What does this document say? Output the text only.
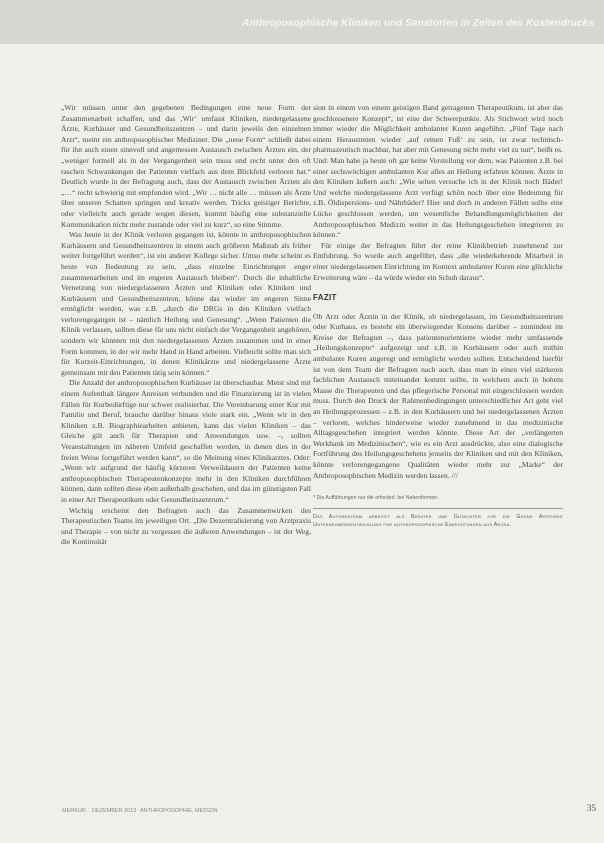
Anthroposophische Kliniken und Sanatorien in Zeiten des Kostendrucks

„Wir müssen unter den gegebenen Bedingungen eine neue Form der Zusammenarbeit schaffen, und das ‚Wir‘ umfasst Kliniken, niedergelassene Ärzte, Kurhäuser und Gesundheitszentren – und darin jeweils den einzelnen Arzt“, meint ein anthroposophischer Mediziner. Die „neue Form“ schließt dabei für ihn auch einen sinnvoll und angemessen Austausch zwischen Ärzten ein, der „weniger formell als in der Vergangenheit sein muss und recht unter den oft raschen Schwankungen der Patienten vielfach aus dem Blickfeld verloren hat.“ Deutlich wurde in der Befragung auch, dass der Austausch zwischen Ärzten als „…“ recht schwierig mit empfunden wird. „Wir … nicht alle … müssen als Ärzte über unseren Schatten springen und kreativ werden. Tricks geistiger Berichte, oder vielleicht auch gerade wegen diesen, kommt häufig eine substanzielle Kommunikation nicht mehr zustande oder viel zu kurz“, so eine Stimme.

Was heute in der Klinik verloren gegangen ist, könnte in anthroposophischen Kurhäusern und Gesundheitszentren in einem auch größeren Maßstab als früher weiter fortgeführt werden“, ist ein anderer Kollege sicher. Umso mehr scheint es heute von Bedeutung zu sein, „dass einzelne Einrichtungen enger zusammenarbeiten und im engeren Austausch bleiben“. Durch die inhaltliche Vernetzung von niedergelassenen Ärzten und Kliniken oder Kliniken und Kurhäusern und Gesundheitszentren, könne das wieder im engeren Sinne ermöglicht werden, was z.B. „durch die DRGs in den Kliniken vielfach verlorengegangen ist – nämlich Heilung und Genesung“. „Wenn Patienten die Klinik verlassen, sollten diese für uns nicht einfach der Vergangenheit angehören, sondern wir könnten mit den niedergelassenen Ärzten zusammen und in einer Form kommen, in der wir mehr Hand in Hand arbeiten. Vielleicht sollte man sich für Kurzeit-Einrichtungen, in denen Klinikärzte und niedergelassene Ärzte gemeinsam mit den Patienten tätig sein können.“

Die Anzahl der anthroposophischen Kurhäuser ist überschaubar. Meist sind mit einem Aufenthalt längere Anreisen verbunden und die Finanzierung ist in vielen Fällen für Kurbedürftige nur schwer realisierbar. Die Vereinbarung einer Kur mit Familie und Beruf, brauche darüber hinaus viele stark ein. „Wenn wir in den Kliniken z.B. Biographiearbeiten anbieten, kann das vielen Kliniken – das Gleiche gilt auch für Therapien und Anwendungen usw. –, sollten Veranstaltungen im näheren Umfeld geschaffen werden, in denen dies in der freien Weise fortgeführt werden kann“, so die Meinung eines Klinikarztes. Oder: „Wenn wir aufgrund der häufig kürzeren Verweildauern der Patienten keine anthroposophischen Therapeutenkonzepte mehr in den Kliniken durchführen können, dann sollten diese eben außerhalb geschehen, und das im günstigsten Fall in einer Art Therapeutikum oder Gesundheitszentrum.“

Wichtig erscheint den Befragten auch das Zusammenwirken des Therapeutischen Teams im jeweiligen Ort. „Die Dezentralisierung von Arztpraxis und Therapie – von nicht zu vergessen die äußeren Anwendungen – ist der Weg, die Kontinuität

sion in einem von einem geistigen Band getragenen Therapeutikum, ist aber das geschlossenere Konzept“, ist eine der Schwerpunkte. Als Stichwort wird noch immer wieder die Möglichkeit ambulanter Kuren angeführt. „Fünf Tage nach einem Heraustreten wieder ‚auf reinen Fuß‘ zu sein, ist zwar technisch-pharmazeutisch machbar, hat aber mit Genesung nicht mehr viel zu tun“, heißt es. Und: Man habe ja heute oft gar keine Vorstellung vor dem, was Patienten z.B. bei einer sechswöchigen ambulanten Kur alles an Heilung erfahren können. Ärzte in den Kliniken äußern auch: „Wie selten versuche ich in der Klinik noch Bäder! Und welche niedergelassene Arzt verfügt schön noch über eine Bedeutung für z.B. Öldispersions- und Nährbäder? Hier und doch in anderen Fällen sollte eine Lücke geschlossen werden, um wesentliche Behandlungsmöglichkeiten der Anthroposophischen Medizin weiter in das Heilungsgeschehen integrieren zu können.“

Für einige der Befragten führt der reine Klinikbetrieb zunehmend zur Entfuhrung. So wurde auch angeführt, dass „die wiederkehrende Mitarbeit in einer niedergelassenen Einrichtung im Kontext ambulanter Kuren eine glückliche Erweiterung wäre – da würde wieder ein Schuh daraus“.

FAZIT

Ob Arzt oder Ärztin in der Klinik, ob niedergelassen, im Gesundheitszentrum oder Kurhaus, es besteht ein überwiegender Konsens darüber – zumindest im Kreise der Befragten –, dass patientenorientierte wieder mehr umfassende „Heilungskonzepte“ aufgezeigt und z.B. in Kurhäusern oder auch mithin ambulante Kuren angeregt und ermöglicht werden sollten. Entscheidend hierfür ist von dem Team der Befragten nach auch, dass man in einen viel stärkeren fachlichen Austausch miteinander kommt sollte, in welchem auch in hohem Masse die Therapeuten und das pflegerische Personal mit eingeschlossen werden muss. Durch den Druck der Rahmenbedingungen unterschiedlicher Art geht viel an Heilungsprozessen – z.B. in den Kurhäusern und bei niedergelassenen Ärzten – verloren, welches hinderweise wieder zunehmend in das medizinische Alltagsgeschehen integriert werden könnte. Diese Art der „verlängerten Werkbank im Medizinischen“, wie es ein Arzt ausdrückte, also eine dialogische Fortführung des Heilungsgeschehens jenseits der Kliniken und mit den Kliniken, könnte verlorengegangene Qualitäten wieder mehr zur „Marke“ der Anthroposophischen Medizin werden lassen. ///

* Die Aufführungen nur die erforderl. bei Nebenformen.
Das Autorenteam arbeitet als Berater und Gutachter für die Grüne Apotheke Unternehmensentwicklung für anthroposophische Einrichtungen aus Arosa.
MERKUR DEZEMBER 2013 ANTHROPOSOPHIE, MEDIZIN	35
